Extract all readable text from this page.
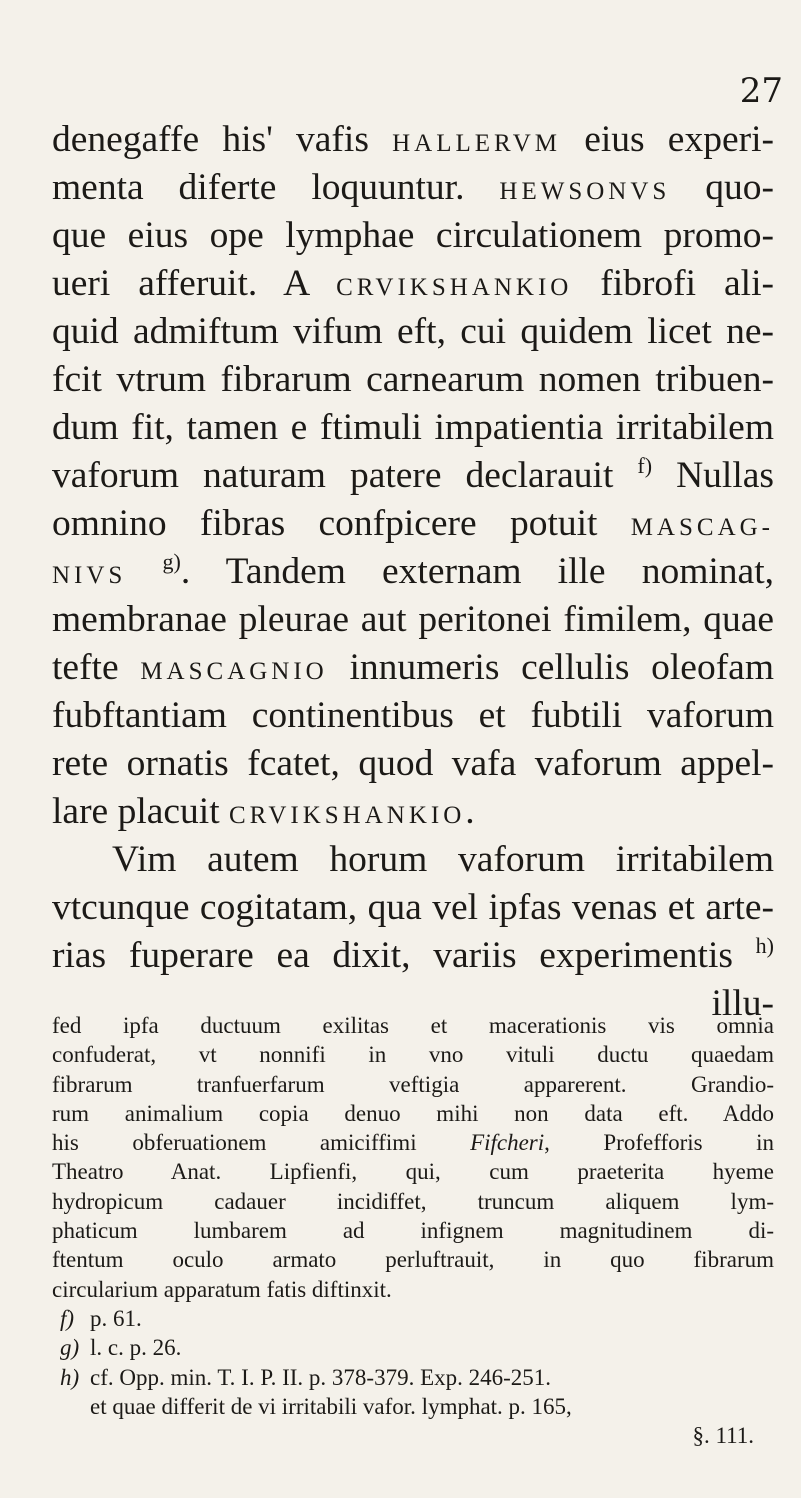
27
denegaffe his' vafis HALLERVM eius experi-
menta diferte loquuntur. HEWSONVS quo-
que eius ope lymphae circulationem promo-
ueri afferuit. A CRVIKSHANKIO fibrofi ali-
quid admiftum vifum eft, cui quidem licet ne-
fcit vtrum fibrarum carnearum nomen tribuen-
dum fit, tamen e ftimuli impatientia irritabilem
vaforum naturam patere declarauit $^{f)}$ Nullas
omnino fibras confpicere potuit MASCAG-
NIVS $^{g)}$. Tandem externam ille nominat,
membranae pleurae aut peritonei fimilem, quae
tefte MASCAGNIO innumeris cellulis oleofam
fubftantiam continentibus et fubtili vaforum
rete ornatis fcatet, quod vafa vaforum appel-
lare placuit CRVIKSHANKIO.
Vim autem horum vaforum irritabilem
vtcunque cogitatam, qua vel ipfas venas et arte-
rias fuperare ea dixit, variis experimentis $^{h)}$
illu-
fed ipfa ductuum exilitas et macerationis vis omnia
confuderat, vt nonnifi in vno vituli ductu quaedam
fibrarum tranfuerfarum veftigia apparerent. Grandio-
rum animalium copia denuo mihi non data eft. Addo
his obferuationem amiciffimi Fifcheri, Profefforis in
Theatro Anat. Lipfienfi, qui, cum praeterita hyeme
hydropicum cadauer incidiffet, truncum aliquem lym-
phaticum lumbarem ad infignem magnitudinem di-
ftentum oculo armato perluftrauit, in quo fibrarum
circularium apparatum fatis diftinxit.
f) p. 61.
g) l. c. p. 26.
h) cf. Opp. min. T. I. P. II. p. 378-379. Exp. 246-251.
et quae differit de vi irritabili vafor. lymphat. p. 165,
§. 111.
